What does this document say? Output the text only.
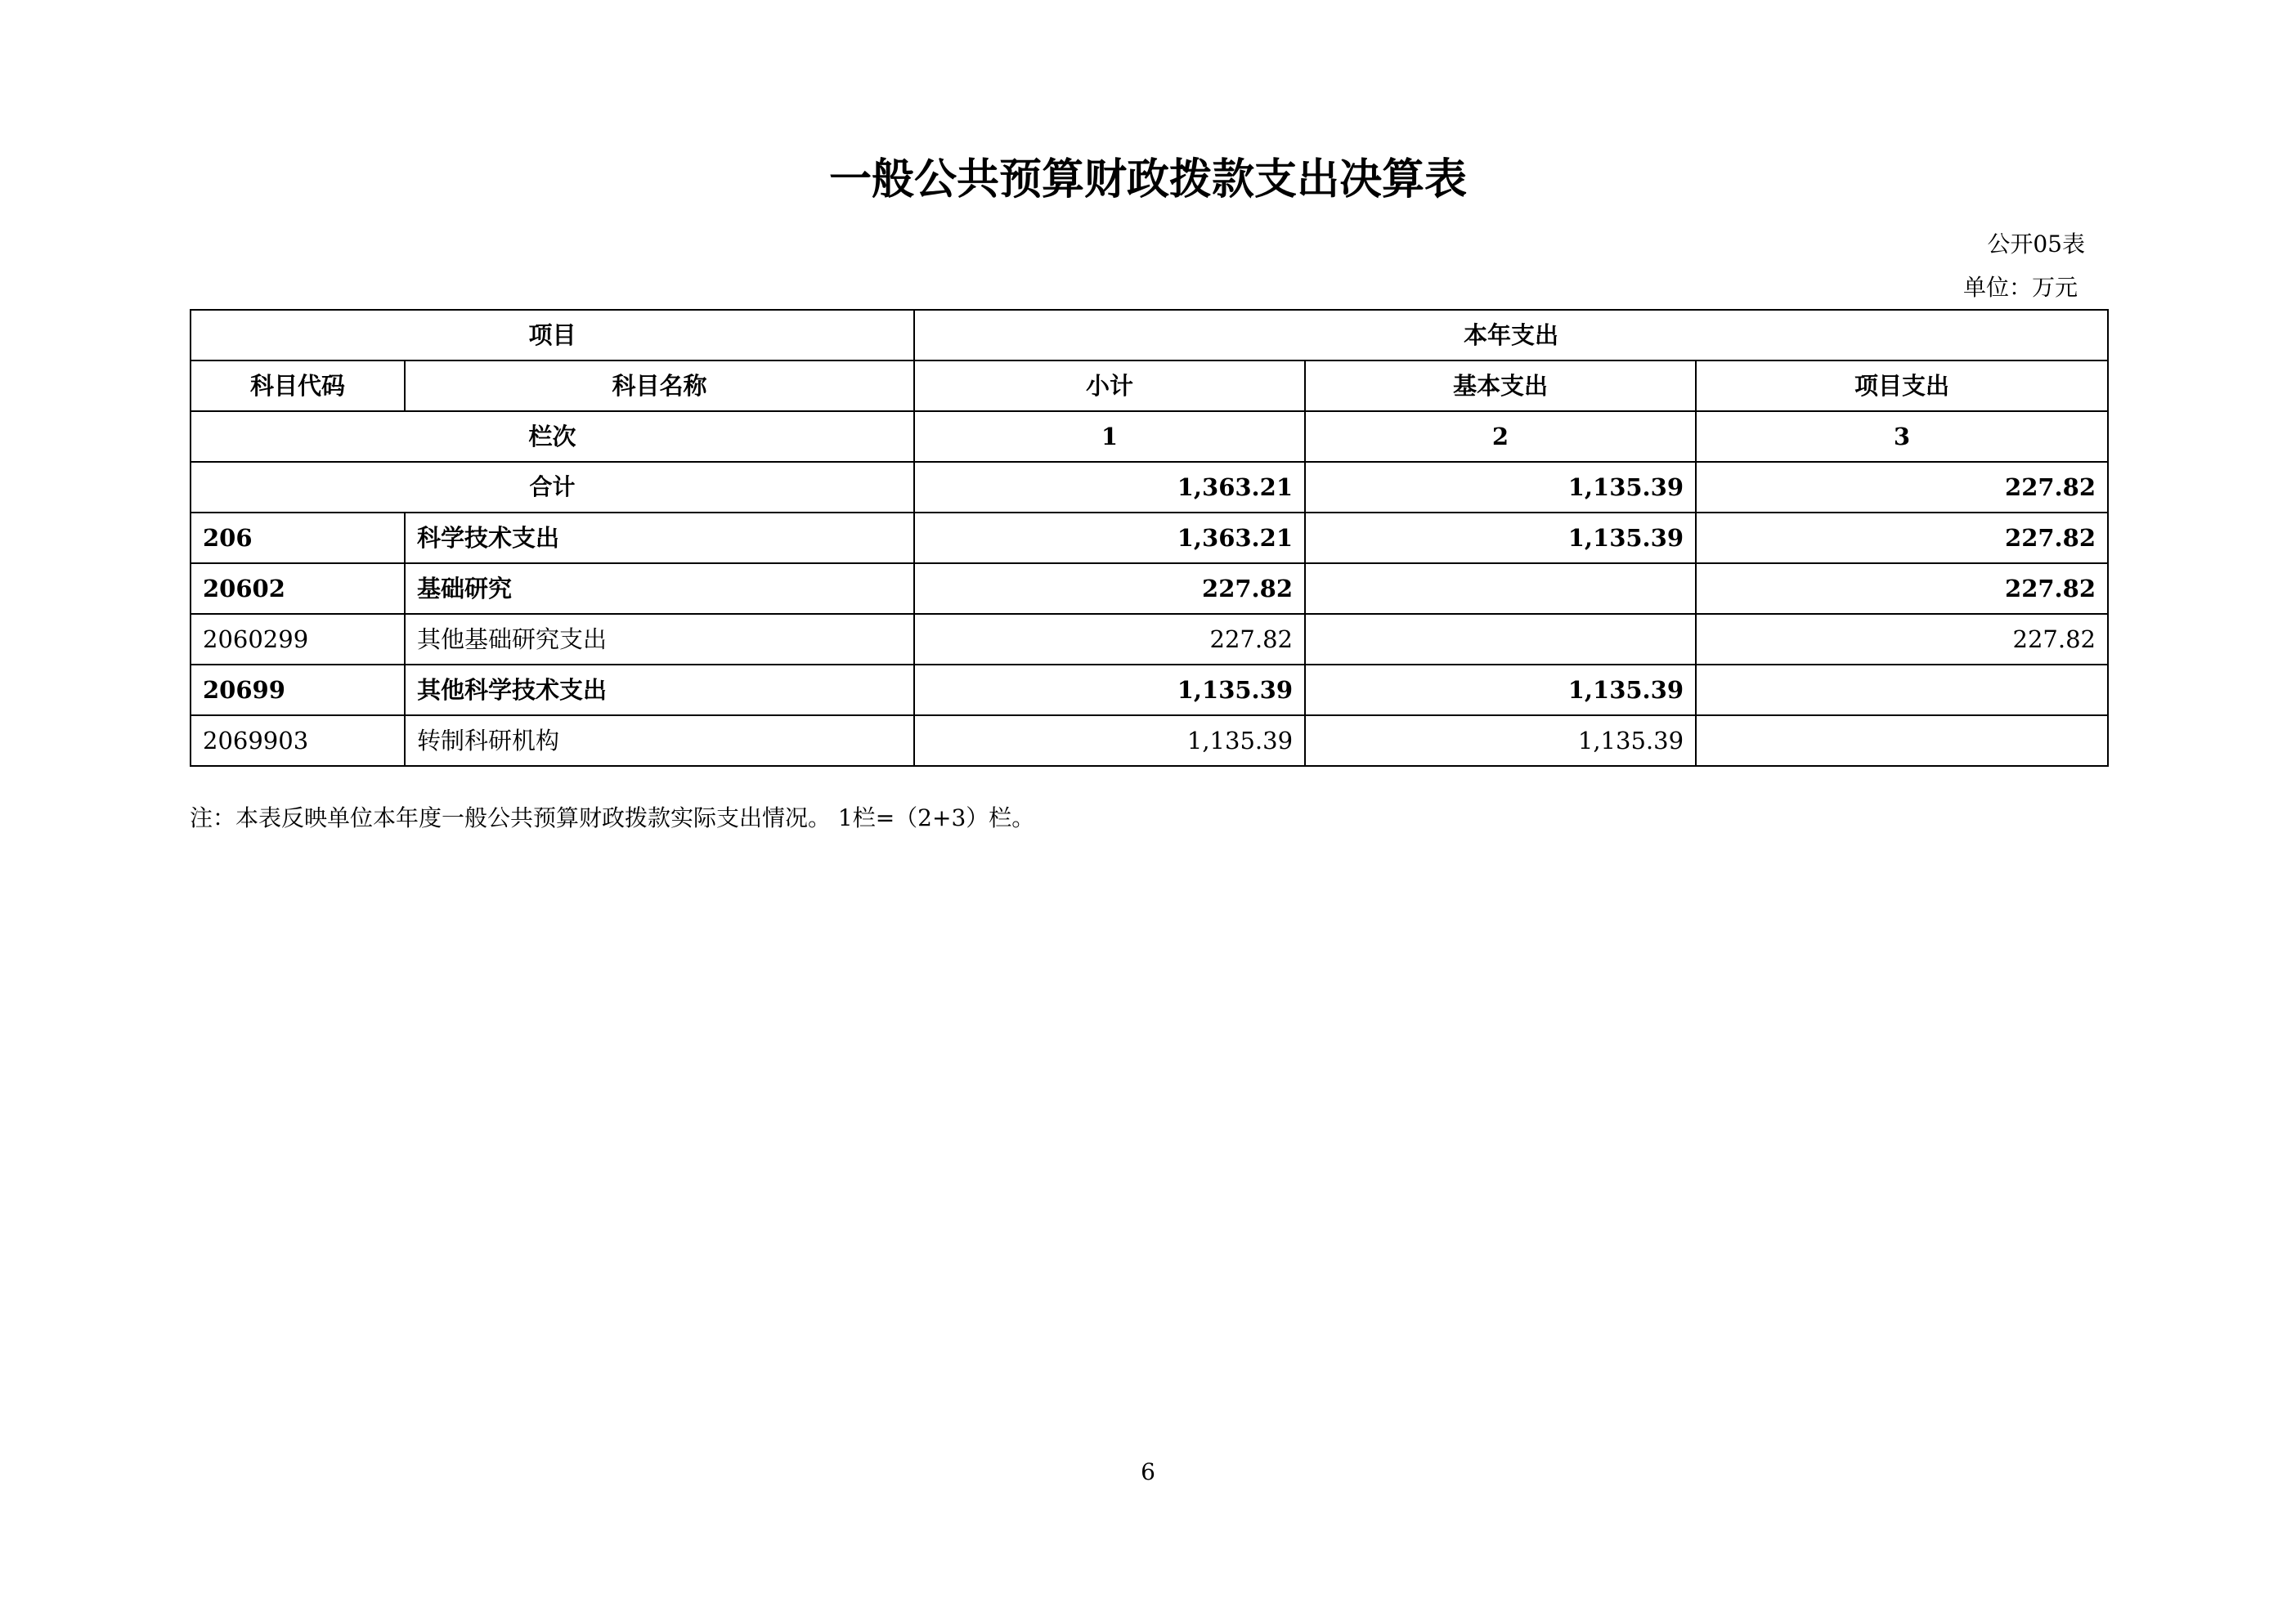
一般公共预算财政拨款支出决算表
公开05表
单位：万元
项目		本年支出		
科目代码	科目名称	小计	基本支出	项目支出
栏次		1	2	3
合计		1,363.21	1,135.39	227.82
206	科学技术支出	1,363.21	1,135.39	227.82
20602	基础研究	227.82		227.82
2060299	其他基础研究支出	227.82		227.82
20699	其他科学技术支出	1,135.39	1,135.39	
2069903	转制科研机构	1,135.39	1,135.39	
注：本表反映单位本年度一般公共预算财政拨款实际支出情况。 1栏=（2+3）栏。
6
